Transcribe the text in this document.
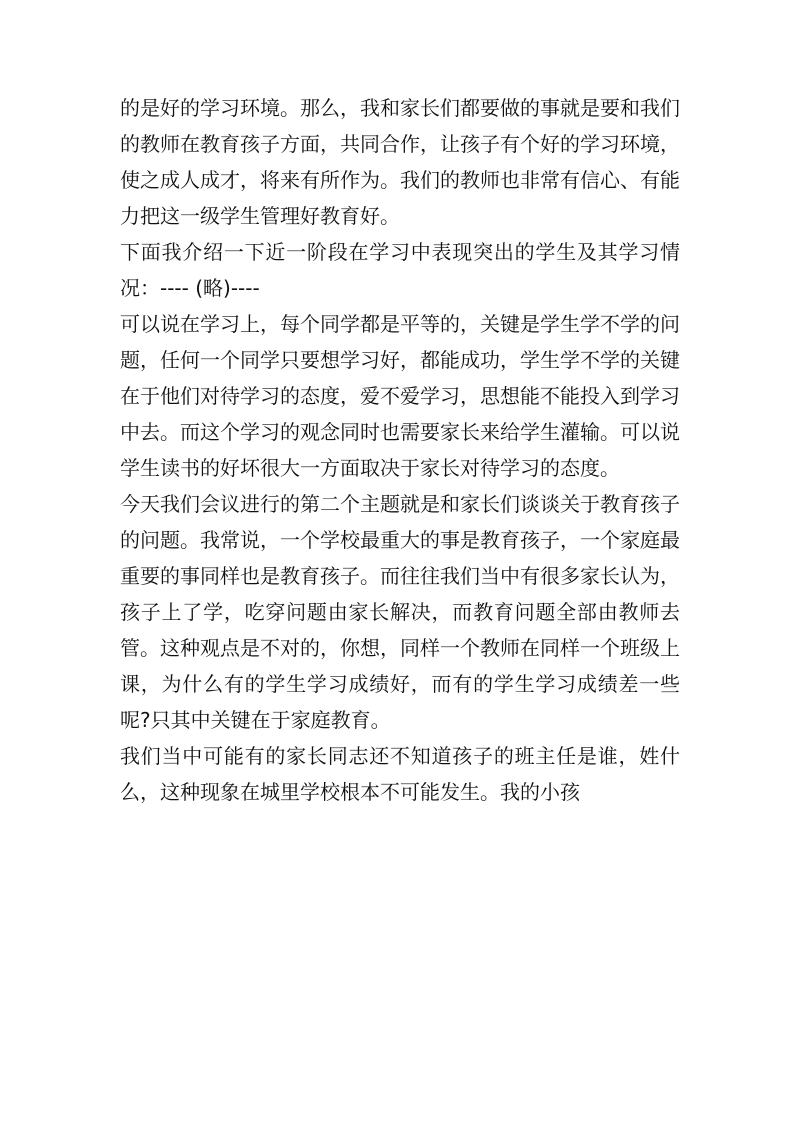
的是好的学习环境。那么，我和家长们都要做的事就是要和我们的教师在教育孩子方面，共同合作，让孩子有个好的学习环境，使之成人成才，将来有所作为。我们的教师也非常有信心、有能力把这一级学生管理好教育好。

下面我介绍一下近一阶段在学习中表现突出的学生及其学习情况：---- (略)----

可以说在学习上，每个同学都是平等的，关键是学生学不学的问题，任何一个同学只要想学习好，都能成功，学生学不学的关键在于他们对待学习的态度，爱不爱学习，思想能不能投入到学习中去。而这个学习的观念同时也需要家长来给学生灌输。可以说学生读书的好坏很大一方面取决于家长对待学习的态度。

今天我们会议进行的第二个主题就是和家长们谈谈关于教育孩子的问题。我常说，一个学校最重大的事是教育孩子，一个家庭最重要的事同样也是教育孩子。而往往我们当中有很多家长认为，孩子上了学，吃穿问题由家长解决，而教育问题全部由教师去管。这种观点是不对的，你想，同样一个教师在同样一个班级上课，为什么有的学生学习成绩好，而有的学生学习成绩差一些呢?只其中关键在于家庭教育。

我们当中可能有的家长同志还不知道孩子的班主任是谁，姓什么，这种现象在城里学校根本不可能发生。我的小孩
